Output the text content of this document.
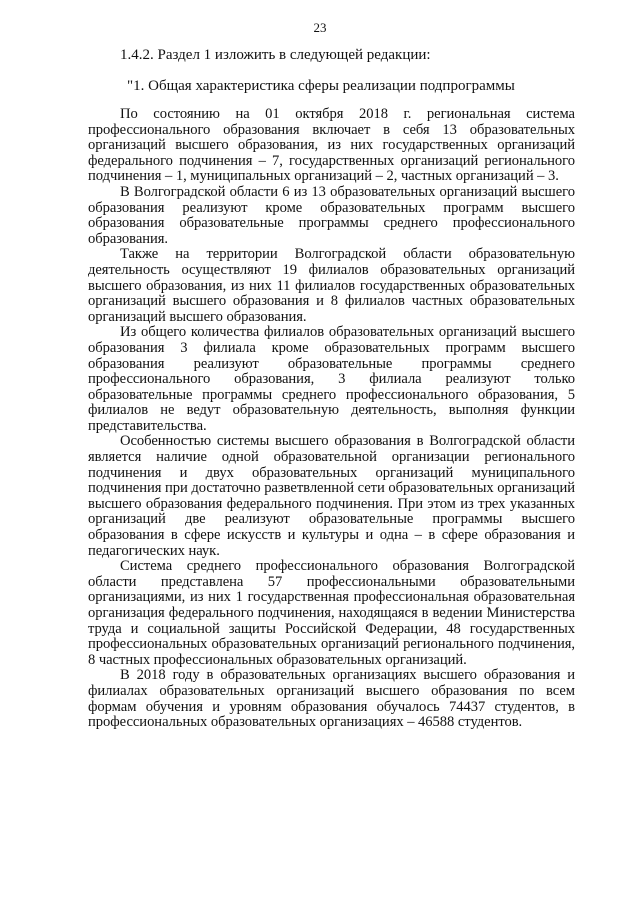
23
1.4.2. Раздел 1 изложить в следующей редакции:
"1. Общая характеристика сферы реализации подпрограммы

По состоянию на 01 октября 2018 г. региональная система профессионального образования включает в себя 13 образовательных организаций высшего образования, из них государственных организаций федерального подчинения – 7, государственных организаций регионального подчинения – 1, муниципальных организаций – 2, частных организаций – 3.

В Волгоградской области 6 из 13 образовательных организаций высшего образования реализуют кроме образовательных программ высшего образования образовательные программы среднего профессионального образования.

Также на территории Волгоградской области образовательную деятельность осуществляют 19 филиалов образовательных организаций высшего образования, из них 11 филиалов государственных образовательных организаций высшего образования и 8 филиалов частных образовательных организаций высшего образования.

Из общего количества филиалов образовательных организаций высшего образования 3 филиала кроме образовательных программ высшего образования реализуют образовательные программы среднего профессионального образования, 3 филиала реализуют только образовательные программы среднего профессионального образования, 5 филиалов не ведут образовательную деятельность, выполняя функции представительства.

Особенностью системы высшего образования в Волгоградской области является наличие одной образовательной организации регионального подчинения и двух образовательных организаций муниципального подчинения при достаточно разветвленной сети образовательных организаций высшего образования федерального подчинения. При этом из трех указанных организаций две реализуют образовательные программы высшего образования в сфере искусств и культуры и одна – в сфере образования и педагогических наук.

Система среднего профессионального образования Волгоградской области представлена 57 профессиональными образовательными организациями, из них 1 государственная профессиональная образовательная организация федерального подчинения, находящаяся в ведении Министерства труда и социальной защиты Российской Федерации, 48 государственных профессиональных образовательных организаций регионального подчинения, 8 частных профессиональных образовательных организаций.

В 2018 году в образовательных организациях высшего образования и филиалах образовательных организаций высшего образования по всем формам обучения и уровням образования обучалось 74437 студентов, в профессиональных образовательных организациях – 46588 студентов.
